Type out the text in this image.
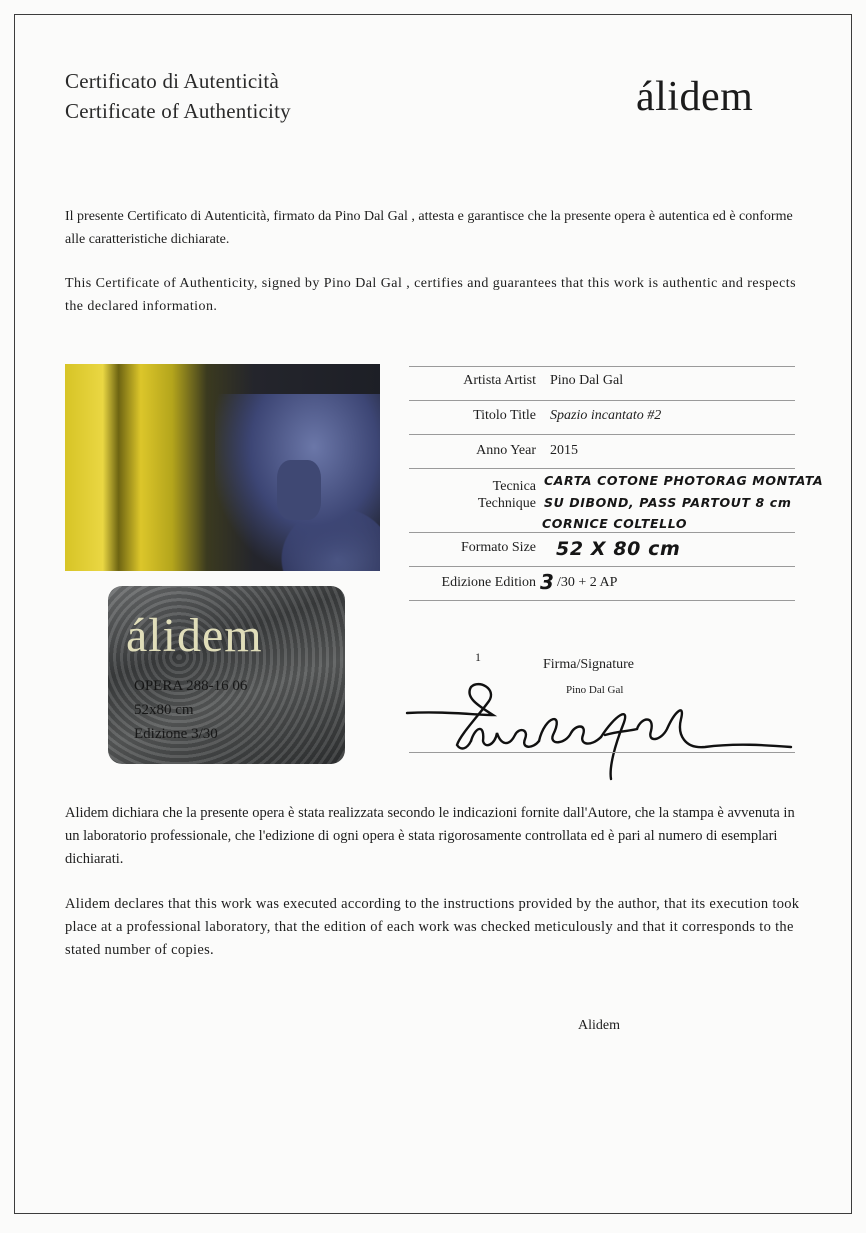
Certificato di Autenticità
Certificate of Authenticity	álidem
Il presente Certificato di Autenticità, firmato da Pino Dal Gal , attesta e garantisce che la presente opera è autentica ed è conforme alle caratteristiche dichiarate.
This Certificate of Authenticity, signed by Pino Dal Gal , certifies and guarantees that this work is authentic and respects the declared information.
álidem
OPERA 288-16 06
52x80 cm
Edizione 3/30
Artista Artist Pino Dal Gal
Titolo Title Spazio incantato #2
Anno Year 2015
Tecnica
Technique
CARTA COTONE PHOTORAG MONTATA
SU DIBOND, PASS PARTOUT 8 cm
CORNICE COLTELLO
Formato Size 52 X 80 cm
Edizione Edition 3 /30 + 2 AP
1	Firma/Signature
Pino Dal Gal
Alidem dichiara che la presente opera è stata realizzata secondo le indicazioni fornite dall'Autore, che la stampa è avvenuta in un laboratorio professionale, che l'edizione di ogni opera è stata rigorosamente controllata ed è pari al numero di esemplari dichiarati.
Alidem declares that this work was executed according to the instructions provided by the author, that its execution took place at a professional laboratory, that the edition of each work was checked meticulously and that it corresponds to the stated number of copies.
Alidem
